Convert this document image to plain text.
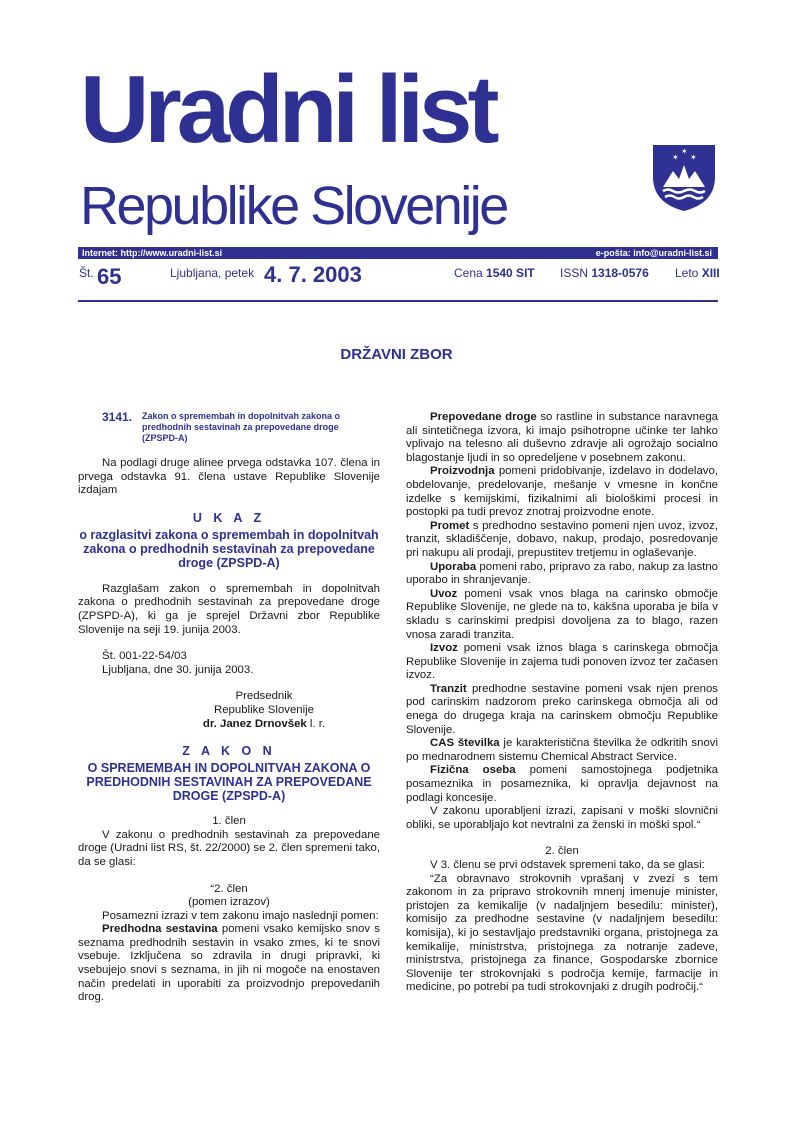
Uradni list
Republike Slovenije
✶ ✶
✶
Internet: http://www.uradni-list.si	e-pošta: info@uradni-list.si
Št. 65	Ljubljana, petek 4. 7. 2003	Cena 1540 SIT ISSN 1318-0576 Leto XIII
DRŽAVNI ZBOR
3141. Zakon o spremembah in dopolnitvah zakona o predhodnih sestavinah za prepovedane droge (ZPSPD-A)

Na podlagi druge alinee prvega odstavka 107. člena in prvega odstavka 91. člena ustave Republike Slovenije izdajam

U K A Z

o razglasitvi zakona o spremembah in dopolnitvah zakona o predhodnih sestavinah za prepovedane droge (ZPSPD-A)

Razglašam zakon o spremembah in dopolnitvah zakona o predhodnih sestavinah za prepovedane droge (ZPSPD-A), ki ga je sprejel Državni zbor Republike Slovenije na seji 19. junija 2003.

Št. 001-22-54/03

Ljubljana, dne 30. junija 2003.

Predsednik

Republike Slovenije

dr. Janez Drnovšek l. r.

Z A K O N

O SPREMEMBAH IN DOPOLNITVAH ZAKONA O PREDHODNIH SESTAVINAH ZA PREPOVEDANE DROGE (ZPSPD-A)

1. člen

V zakonu o predhodnih sestavinah za prepovedane droge (Uradni list RS, št. 22/2000) se 2. člen spremeni tako, da se glasi:

“2. člen

(pomen izrazov)

Posamezni izrazi v tem zakonu imajo naslednji pomen:

Predhodna sestavina pomeni vsako kemijsko snov s seznama predhodnih sestavin in vsako zmes, ki te snovi vsebuje. Izključena so zdravila in drugi pripravki, ki vsebujejo snovi s seznama, in jih ni mogoče na enostaven način predelati in uporabiti za proizvodnjo prepovedanih drog.

Prepovedane droge so rastline in substance naravnega ali sintetičnega izvora, ki imajo psihotropne učinke ter lahko vplivajo na telesno ali duševno zdravje ali ogrožajo socialno blagostanje ljudi in so opredeljene v posebnem zakonu.

Proizvodnja pomeni pridobivanje, izdelavo in dodelavo, obdelovanje, predelovanje, mešanje v vmesne in končne izdelke s kemijskimi, fizikalnimi ali biološkimi procesi in postopki pa tudi prevoz znotraj proizvodne enote.

Promet s predhodno sestavino pomeni njen uvoz, izvoz, tranzit, skladiščenje, dobavo, nakup, prodajo, posredovanje pri nakupu ali prodaji, prepustitev tretjemu in oglaševanje.

Uporaba pomeni rabo, pripravo za rabo, nakup za lastno uporabo in shranjevanje.

Uvoz pomeni vsak vnos blaga na carinsko območje Republike Slovenije, ne glede na to, kakšna uporaba je bila v skladu s carinskimi predpisi dovoljena za to blago, razen vnosa zaradi tranzita.

Izvoz pomeni vsak iznos blaga s carinskega območja Republike Slovenije in zajema tudi ponoven izvoz ter začasen izvoz.

Tranzit predhodne sestavine pomeni vsak njen prenos pod carinskim nadzorom preko carinskega območja ali od enega do drugega kraja na carinskem območju Republike Slovenije.

CAS številka je karakteristična številka že odkritih snovi po mednarodnem sistemu Chemical Abstract Service.

Fizična oseba pomeni samostojnega podjetnika posameznika in posameznika, ki opravlja dejavnost na podlagi koncesije.

V zakonu uporabljeni izrazi, zapisani v moški slovnični obliki, se uporabljajo kot nevtralni za ženski in moški spol.“

2. člen

V 3. členu se prvi odstavek spremeni tako, da se glasi:

“Za obravnavo strokovnih vprašanj v zvezi s tem zakonom in za pripravo strokovnih mnenj imenuje minister, pristojen za kemikalije (v nadaljnjem besedilu: minister), komisijo za predhodne sestavine (v nadaljnjem besedilu: komisija), ki jo sestavljajo predstavniki organa, pristojnega za kemikalije, ministrstva, pristojnega za notranje zadeve, ministrstva, pristojnega za finance, Gospodarske zbornice Slovenije ter strokovnjaki s področja kemije, farmacije in medicine, po potrebi pa tudi strokovnjaki z drugih področij.“
